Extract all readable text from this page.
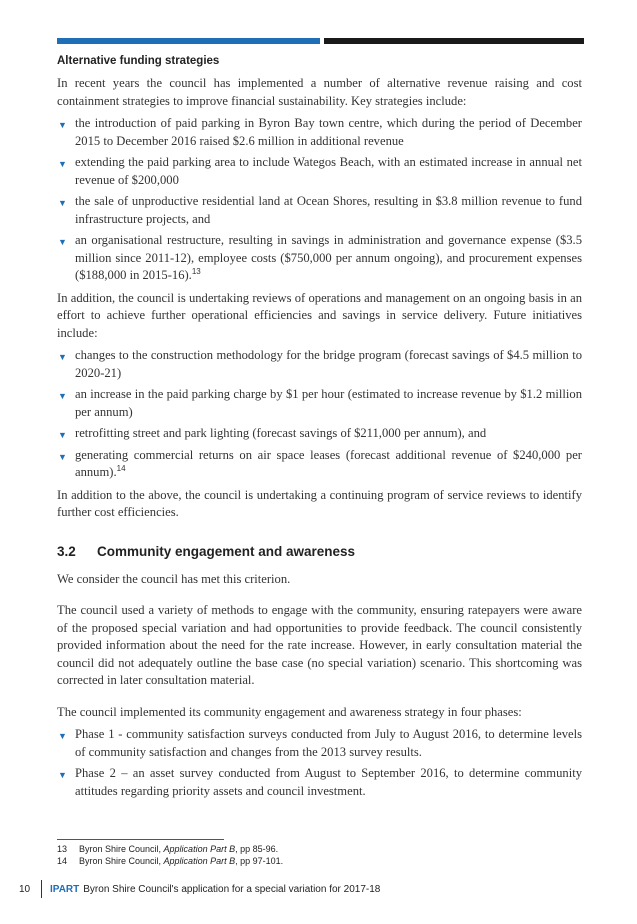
Alternative funding strategies

In recent years the council has implemented a number of alternative revenue raising and cost containment strategies to improve financial sustainability. Key strategies include:

▼ the introduction of paid parking in Byron Bay town centre, which during the period of December 2015 to December 2016 raised $2.6 million in additional revenue
▼ extending the paid parking area to include Wategos Beach, with an estimated increase in annual net revenue of $200,000
▼ the sale of unproductive residential land at Ocean Shores, resulting in $3.8 million revenue to fund infrastructure projects, and
▼ an organisational restructure, resulting in savings in administration and governance expense ($3.5 million since 2011-12), employee costs ($750,000 per annum ongoing), and procurement expenses ($188,000 in 2015-16).$^{13}$

In addition, the council is undertaking reviews of operations and management on an ongoing basis in an effort to achieve further operational efficiencies and savings in service delivery. Future initiatives include:

▼ changes to the construction methodology for the bridge program (forecast savings of $4.5 million to 2020-21)
▼ an increase in the paid parking charge by $1 per hour (estimated to increase revenue by $1.2 million per annum)
▼ retrofitting street and park lighting (forecast savings of $211,000 per annum), and
▼ generating commercial returns on air space leases (forecast additional revenue of $240,000 per annum).$^{14}$

In addition to the above, the council is undertaking a continuing program of service reviews to identify further cost efficiencies.

3.2	Community engagement and awareness

We consider the council has met this criterion.

The council used a variety of methods to engage with the community, ensuring ratepayers were aware of the proposed special variation and had opportunities to provide feedback. The council consistently provided information about the need for the rate increase. However, in early consultation material the council did not adequately outline the base case (no special variation) scenario. This shortcoming was corrected in later consultation material.

The council implemented its community engagement and awareness strategy in four phases:

▼ Phase 1 - community satisfaction surveys conducted from July to August 2016, to determine levels of community satisfaction and changes from the 2013 survey results.
▼ Phase 2 – an asset survey conducted from August to September 2016, to determine community attitudes regarding priority assets and council investment.
13	Byron Shire Council, Application Part B, pp 85-96.
14	Byron Shire Council, Application Part B, pp 97-101.
10	IPART Byron Shire Council's application for a special variation for 2017-18
